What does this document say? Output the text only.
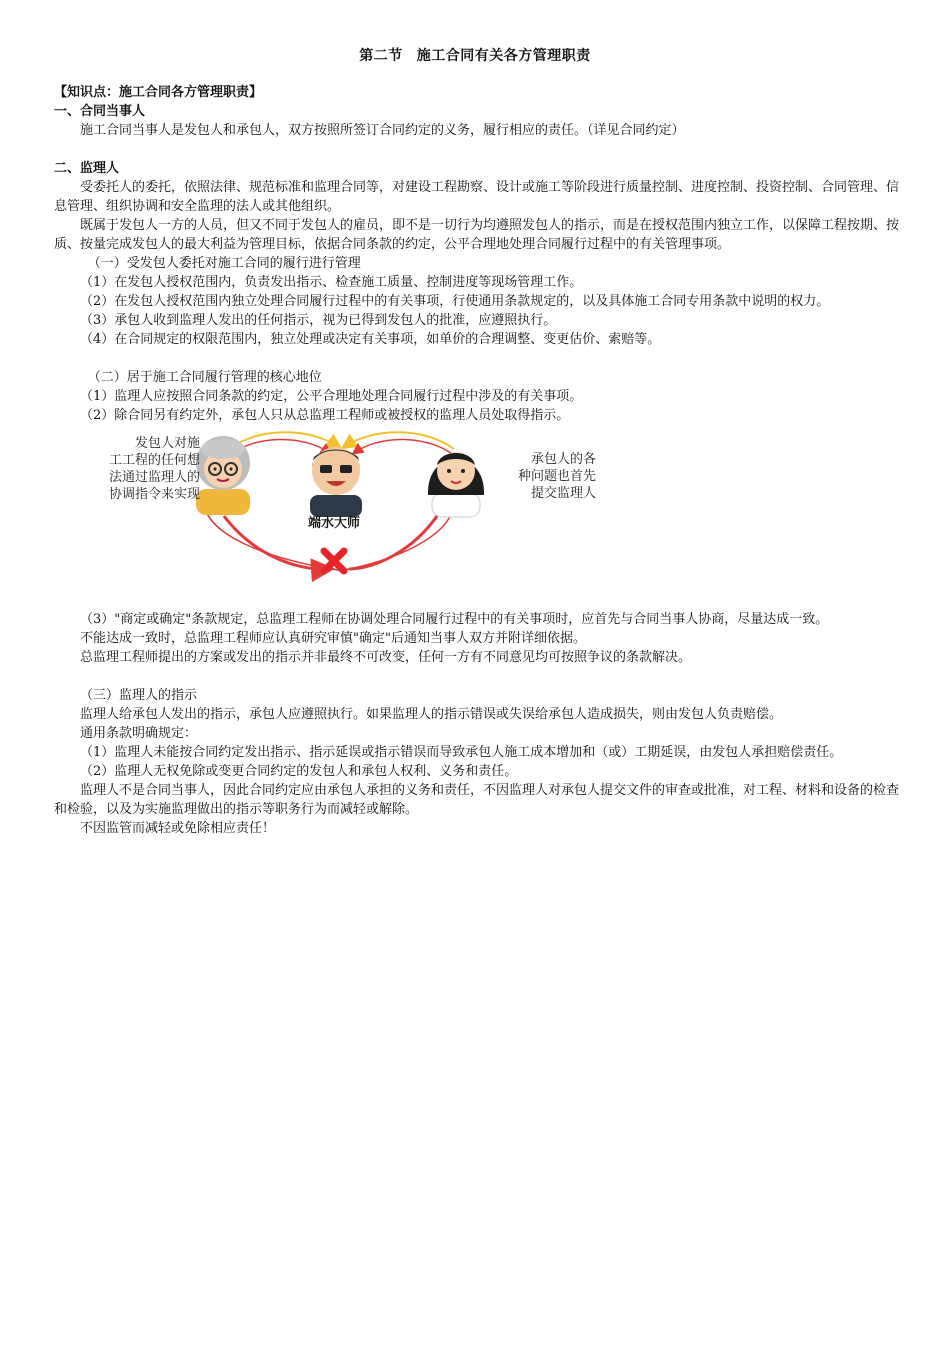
第二节 施工合同有关各方管理职责

【知识点：施工合同各方管理职责】

一、合同当事人

施工合同当事人是发包人和承包人，双方按照所签订合同约定的义务，履行相应的责任。（详见合同约定）

二、监理人

受委托人的委托，依照法律、规范标准和监理合同等，对建设工程勘察、设计或施工等阶段进行质量控制、进度控制、投资控制、合同管理、信息管理、组织协调和安全监理的法人或其他组织。

既属于发包人一方的人员，但又不同于发包人的雇员，即不是一切行为均遵照发包人的指示，而是在授权范围内独立工作，以保障工程按期、按质、按量完成发包人的最大利益为管理目标，依据合同条款的约定，公平合理地处理合同履行过程中的有关管理事项。

（一）受发包人委托对施工合同的履行进行管理

（1）在发包人授权范围内，负责发出指示、检查施工质量、控制进度等现场管理工作。

（2）在发包人授权范围内独立处理合同履行过程中的有关事项，行使通用条款规定的，以及具体施工合同专用条款中说明的权力。

（3）承包人收到监理人发出的任何指示，视为已得到发包人的批准，应遵照执行。

（4）在合同规定的权限范围内，独立处理或决定有关事项，如单价的合理调整、变更估价、索赔等。

（二）居于施工合同履行管理的核心地位

（1）监理人应按照合同条款的约定，公平合理地处理合同履行过程中涉及的有关事项。

（2）除合同另有约定外，承包人只从总监理工程师或被授权的监理人员处取得指示。

发包人对施
工工程的任何想
法通过监理人的
协调指令来实现
端水大师
承包人的各
种问题也首先
提交监理人

（3）"商定或确定"条款规定，总监理工程师在协调处理合同履行过程中的有关事项时，应首先与合同当事人协商，尽量达成一致。

不能达成一致时，总监理工程师应认真研究审慎"确定"后通知当事人双方并附详细依据。

总监理工程师提出的方案或发出的指示并非最终不可改变，任何一方有不同意见均可按照争议的条款解决。

（三）监理人的指示

监理人给承包人发出的指示，承包人应遵照执行。如果监理人的指示错误或失误给承包人造成损失，则由发包人负责赔偿。

通用条款明确规定：

（1）监理人未能按合同约定发出指示、指示延误或指示错误而导致承包人施工成本增加和（或）工期延误，由发包人承担赔偿责任。

（2）监理人无权免除或变更合同约定的发包人和承包人权利、义务和责任。

监理人不是合同当事人，因此合同约定应由承包人承担的义务和责任，不因监理人对承包人提交文件的审查或批准，对工程、材料和设备的检查和检验，以及为实施监理做出的指示等职务行为而减轻或解除。

不因监管而减轻或免除相应责任！
